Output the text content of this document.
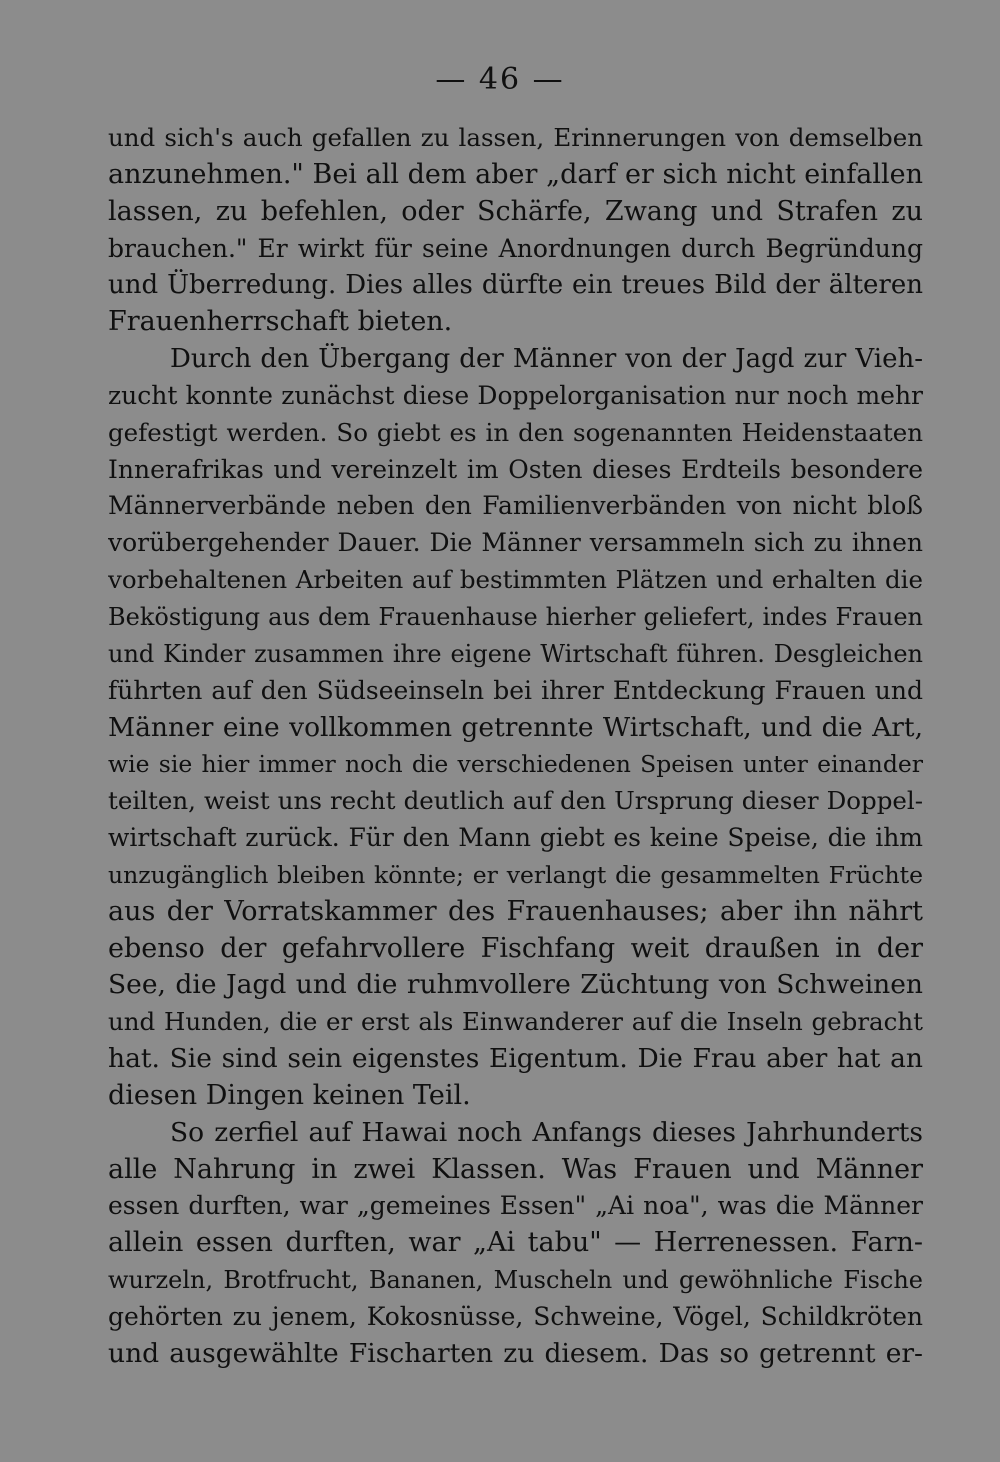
— 46 —
und sich's auch gefallen zu lassen, Erinnerungen von demselben
anzunehmen." Bei all dem aber „darf er sich nicht einfallen
lassen, zu befehlen, oder Schärfe, Zwang und Strafen zu
brauchen." Er wirkt für seine Anordnungen durch Begründung
und Überredung. Dies alles dürfte ein treues Bild der älteren
Frauenherrschaft bieten.
Durch den Übergang der Männer von der Jagd zur Vieh-
zucht konnte zunächst diese Doppelorganisation nur noch mehr
gefestigt werden. So giebt es in den sogenannten Heidenstaaten
Innerafrikas und vereinzelt im Osten dieses Erdteils besondere
Männerverbände neben den Familienverbänden von nicht bloß
vorübergehender Dauer. Die Männer versammeln sich zu ihnen
vorbehaltenen Arbeiten auf bestimmten Plätzen und erhalten die
Beköstigung aus dem Frauenhause hierher geliefert, indes Frauen
und Kinder zusammen ihre eigene Wirtschaft führen. Desgleichen
führten auf den Südseeinseln bei ihrer Entdeckung Frauen und
Männer eine vollkommen getrennte Wirtschaft, und die Art,
wie sie hier immer noch die verschiedenen Speisen unter einander
teilten, weist uns recht deutlich auf den Ursprung dieser Doppel-
wirtschaft zurück. Für den Mann giebt es keine Speise, die ihm
unzugänglich bleiben könnte; er verlangt die gesammelten Früchte
aus der Vorratskammer des Frauenhauses; aber ihn nährt
ebenso der gefahrvollere Fischfang weit draußen in der
See, die Jagd und die ruhmvollere Züchtung von Schweinen
und Hunden, die er erst als Einwanderer auf die Inseln gebracht
hat. Sie sind sein eigenstes Eigentum. Die Frau aber hat an
diesen Dingen keinen Teil.
So zerfiel auf Hawai noch Anfangs dieses Jahrhunderts
alle Nahrung in zwei Klassen. Was Frauen und Männer
essen durften, war „gemeines Essen" „Ai noa", was die Männer
allein essen durften, war „Ai tabu" — Herrenessen. Farn-
wurzeln, Brotfrucht, Bananen, Muscheln und gewöhnliche Fische
gehörten zu jenem, Kokosnüsse, Schweine, Vögel, Schildkröten
und ausgewählte Fischarten zu diesem. Das so getrennt er-
